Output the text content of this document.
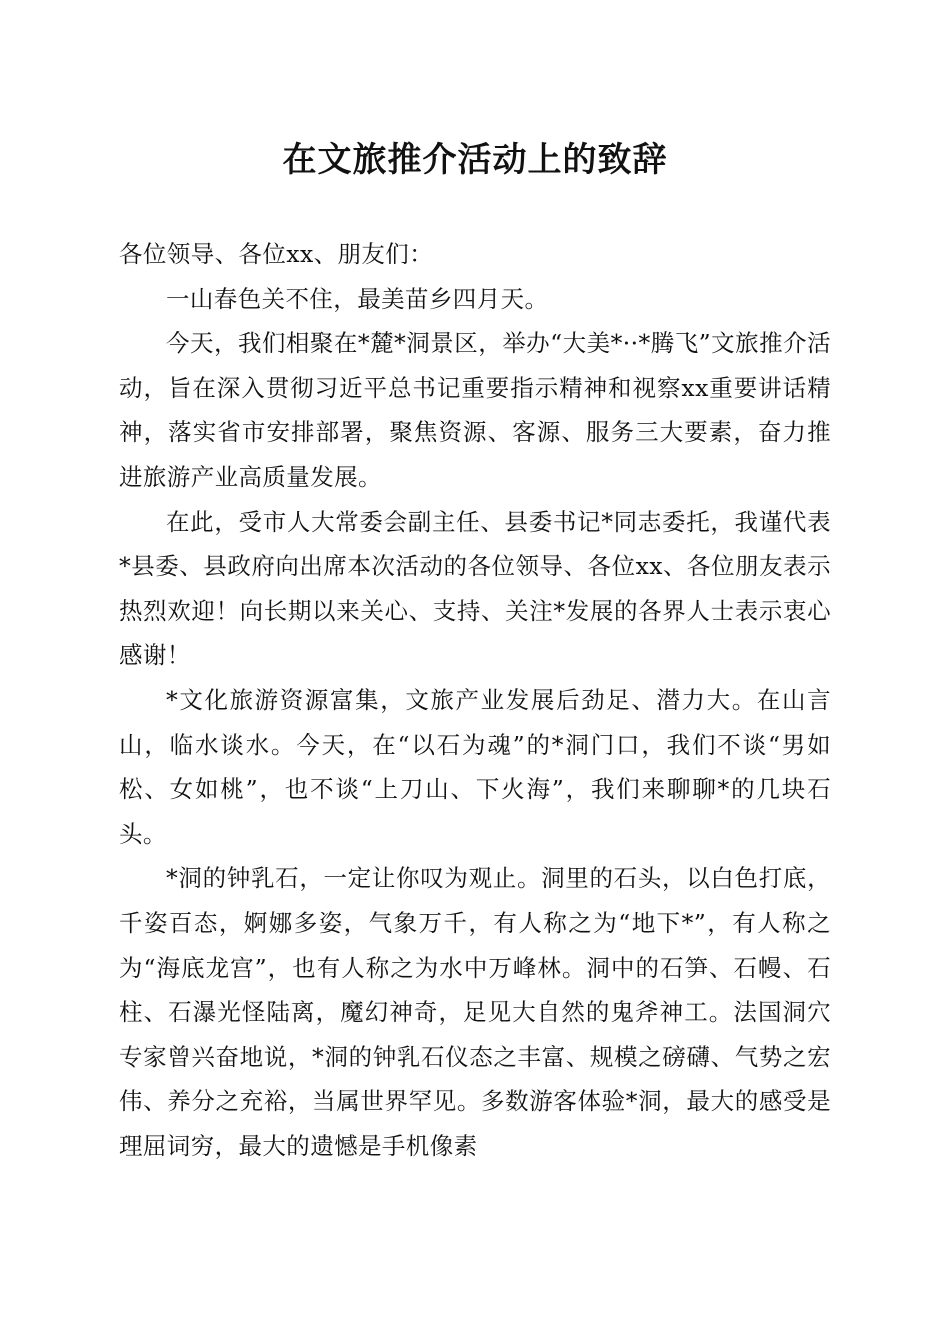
在文旅推介活动上的致辞

各位领导、各位xx、朋友们：

一山春色关不住，最美苗乡四月天。

今天，我们相聚在*麓*洞景区，举办“大美*··*腾飞”文旅推介活动，旨在深入贯彻习近平总书记重要指示精神和视察xx重要讲话精神，落实省市安排部署，聚焦资源、客源、服务三大要素，奋力推进旅游产业高质量发展。

在此，受市人大常委会副主任、县委书记*同志委托，我谨代表*县委、县政府向出席本次活动的各位领导、各位xx、各位朋友表示热烈欢迎！向长期以来关心、支持、关注*发展的各界人士表示衷心感谢！

*文化旅游资源富集，文旅产业发展后劲足、潜力大。在山言山，临水谈水。今天，在“以石为魂”的*洞门口，我们不谈“男如松、女如桃”，也不谈“上刀山、下火海”，我们来聊聊*的几块石头。

*洞的钟乳石，一定让你叹为观止。洞里的石头，以白色打底，千姿百态，婀娜多姿，气象万千，有人称之为“地下*”，有人称之为“海底龙宫”，也有人称之为水中万峰林。洞中的石笋、石幔、石柱、石瀑光怪陆离，魔幻神奇，足见大自然的鬼斧神工。法国洞穴专家曾兴奋地说，*洞的钟乳石仪态之丰富、规模之磅礴、气势之宏伟、养分之充裕，当属世界罕见。多数游客体验*洞，最大的感受是理屈词穷，最大的遗憾是手机像素
